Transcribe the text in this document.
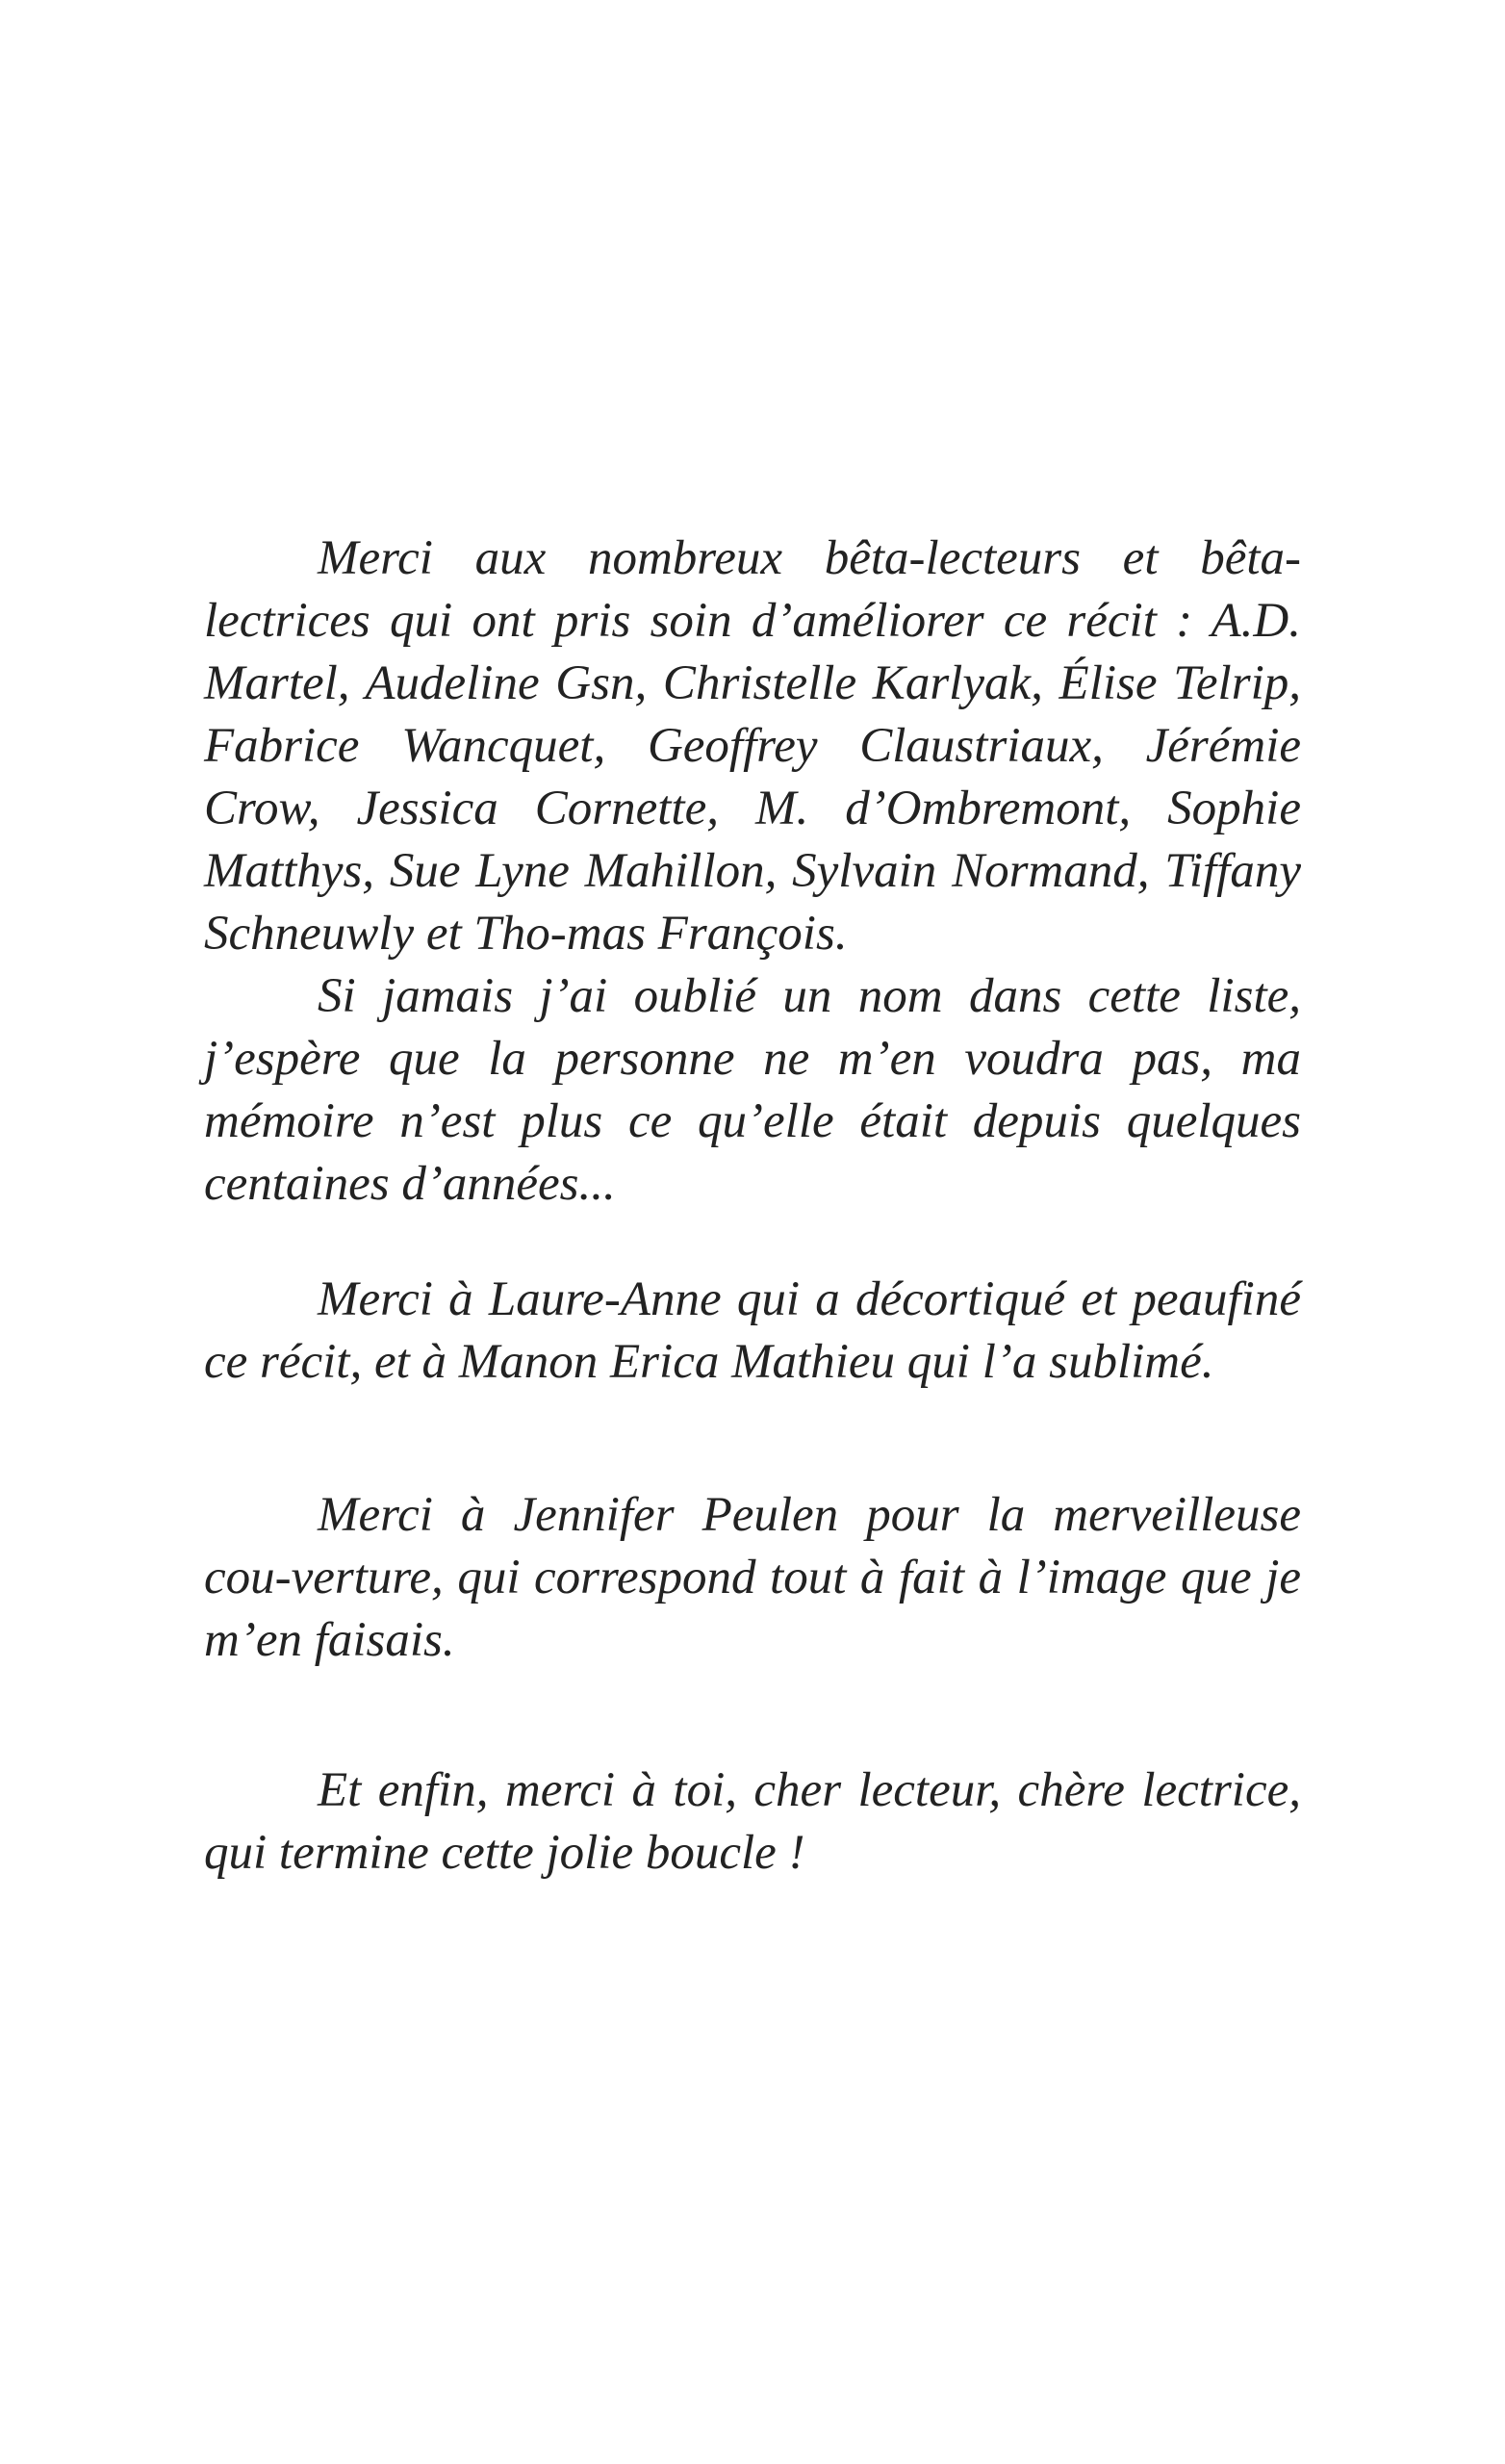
Merci aux nombreux bêta-lecteurs et bêta-lectrices qui ont pris soin d’améliorer ce récit : A.D. Martel, Audeline Gsn, Christelle Karlyak, Élise Telrip, Fabrice Wancquet, Geoffrey Claustriaux, Jérémie Crow, Jessica Cornette, M. d’Ombremont, Sophie Matthys, Sue Lyne Mahillon, Sylvain Normand, Tiffany Schneuwly et Tho-mas François.

Si jamais j’ai oublié un nom dans cette liste, j’espère que la personne ne m’en voudra pas, ma mémoire n’est plus ce qu’elle était depuis quelques centaines d’années...

Merci à Laure-Anne qui a décortiqué et peaufiné ce récit, et à Manon Erica Mathieu qui l’a sublimé.

Merci à Jennifer Peulen pour la merveilleuse cou-verture, qui correspond tout à fait à l’image que je m’en faisais.

Et enfin, merci à toi, cher lecteur, chère lectrice, qui termine cette jolie boucle !
